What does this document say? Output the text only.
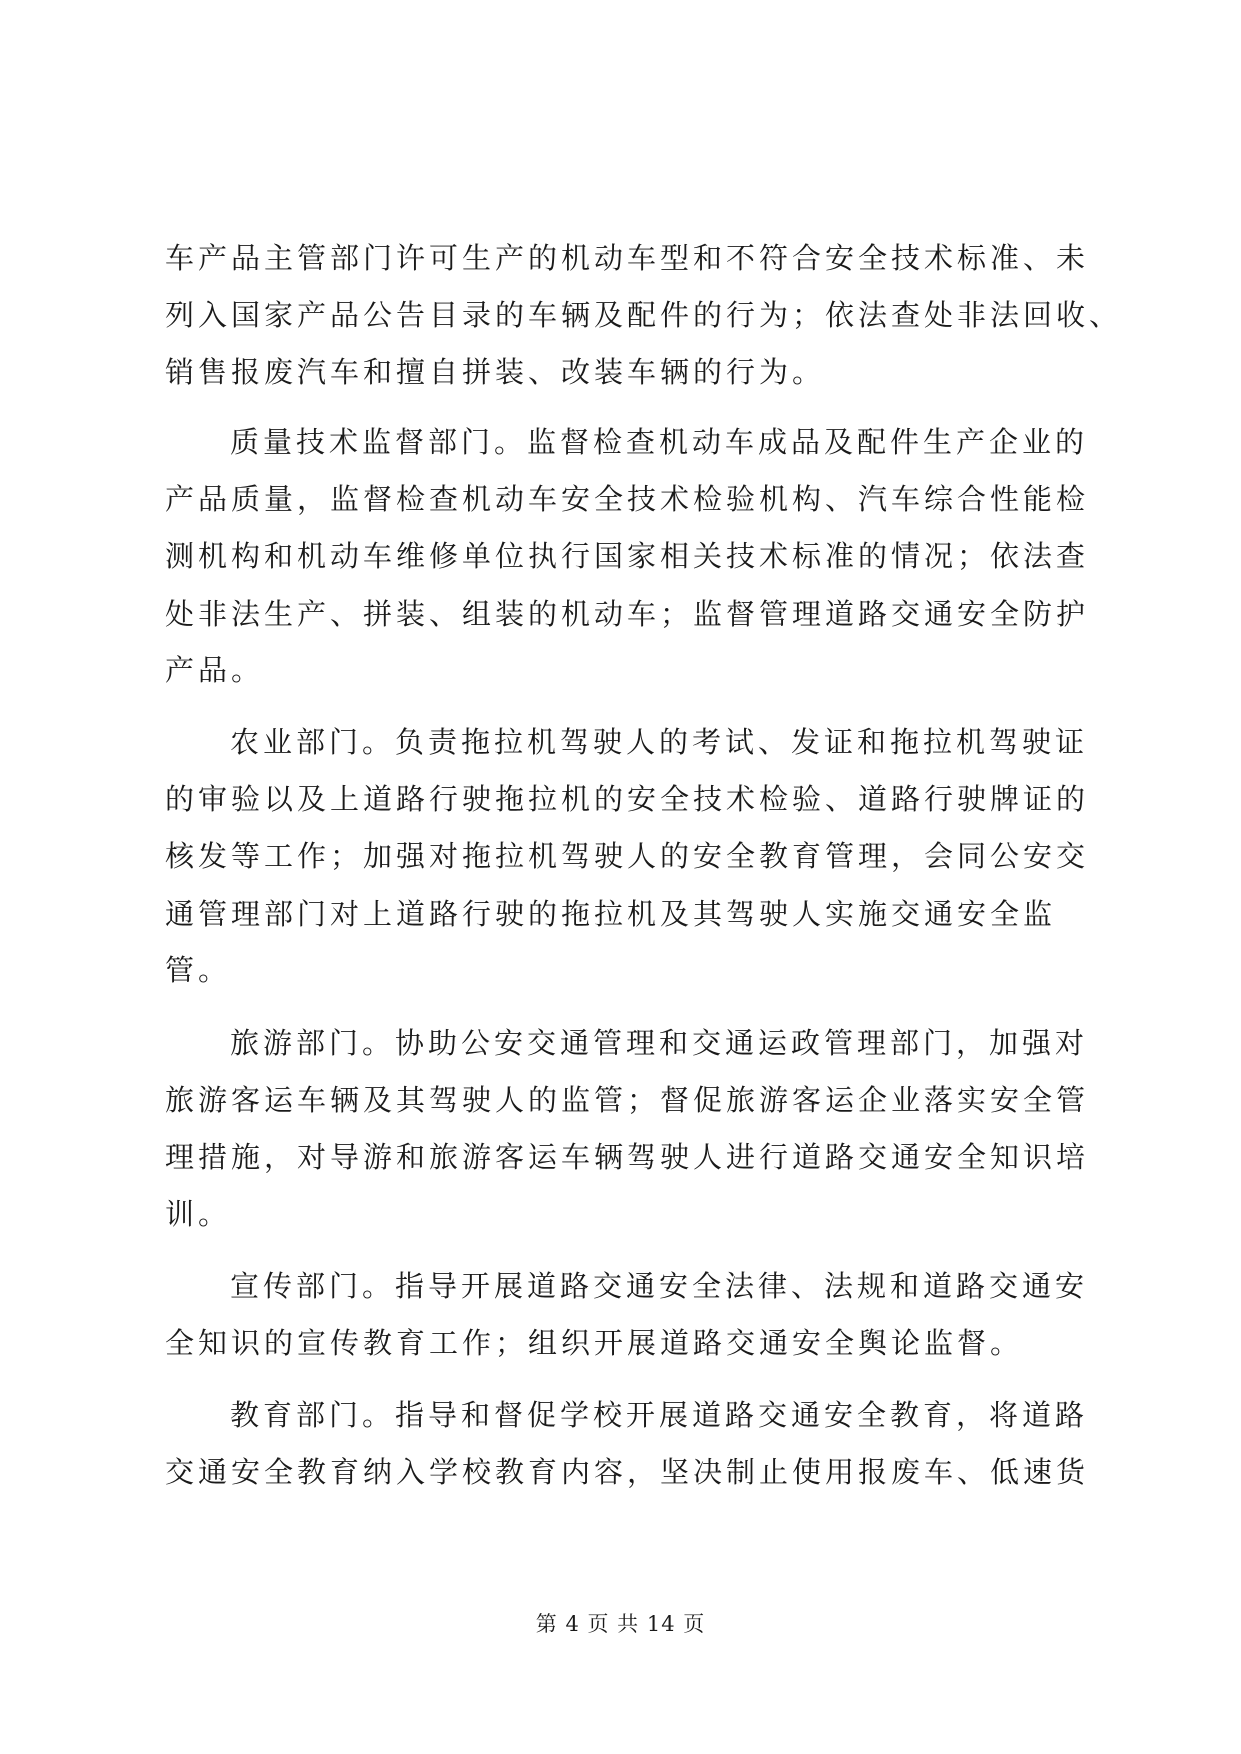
车产品主管部门许可生产的机动车型和不符合安全技术标准、未
列入国家产品公告目录的车辆及配件的行为；依法查处非法回收、
销售报废汽车和擅自拼装、改装车辆的行为。
质量技术监督部门。监督检查机动车成品及配件生产企业的
产品质量，监督检查机动车安全技术检验机构、汽车综合性能检
测机构和机动车维修单位执行国家相关技术标准的情况；依法查
处非法生产、拼装、组装的机动车；监督管理道路交通安全防护
产品。
农业部门。负责拖拉机驾驶人的考试、发证和拖拉机驾驶证
的审验以及上道路行驶拖拉机的安全技术检验、道路行驶牌证的
核发等工作；加强对拖拉机驾驶人的安全教育管理，会同公安交
通管理部门对上道路行驶的拖拉机及其驾驶人实施交通安全监
管。
旅游部门。协助公安交通管理和交通运政管理部门，加强对
旅游客运车辆及其驾驶人的监管；督促旅游客运企业落实安全管
理措施，对导游和旅游客运车辆驾驶人进行道路交通安全知识培
训。
宣传部门。指导开展道路交通安全法律、法规和道路交通安
全知识的宣传教育工作；组织开展道路交通安全舆论监督。
教育部门。指导和督促学校开展道路交通安全教育，将道路
交通安全教育纳入学校教育内容，坚决制止使用报废车、低速货
第 4 页 共 14 页
